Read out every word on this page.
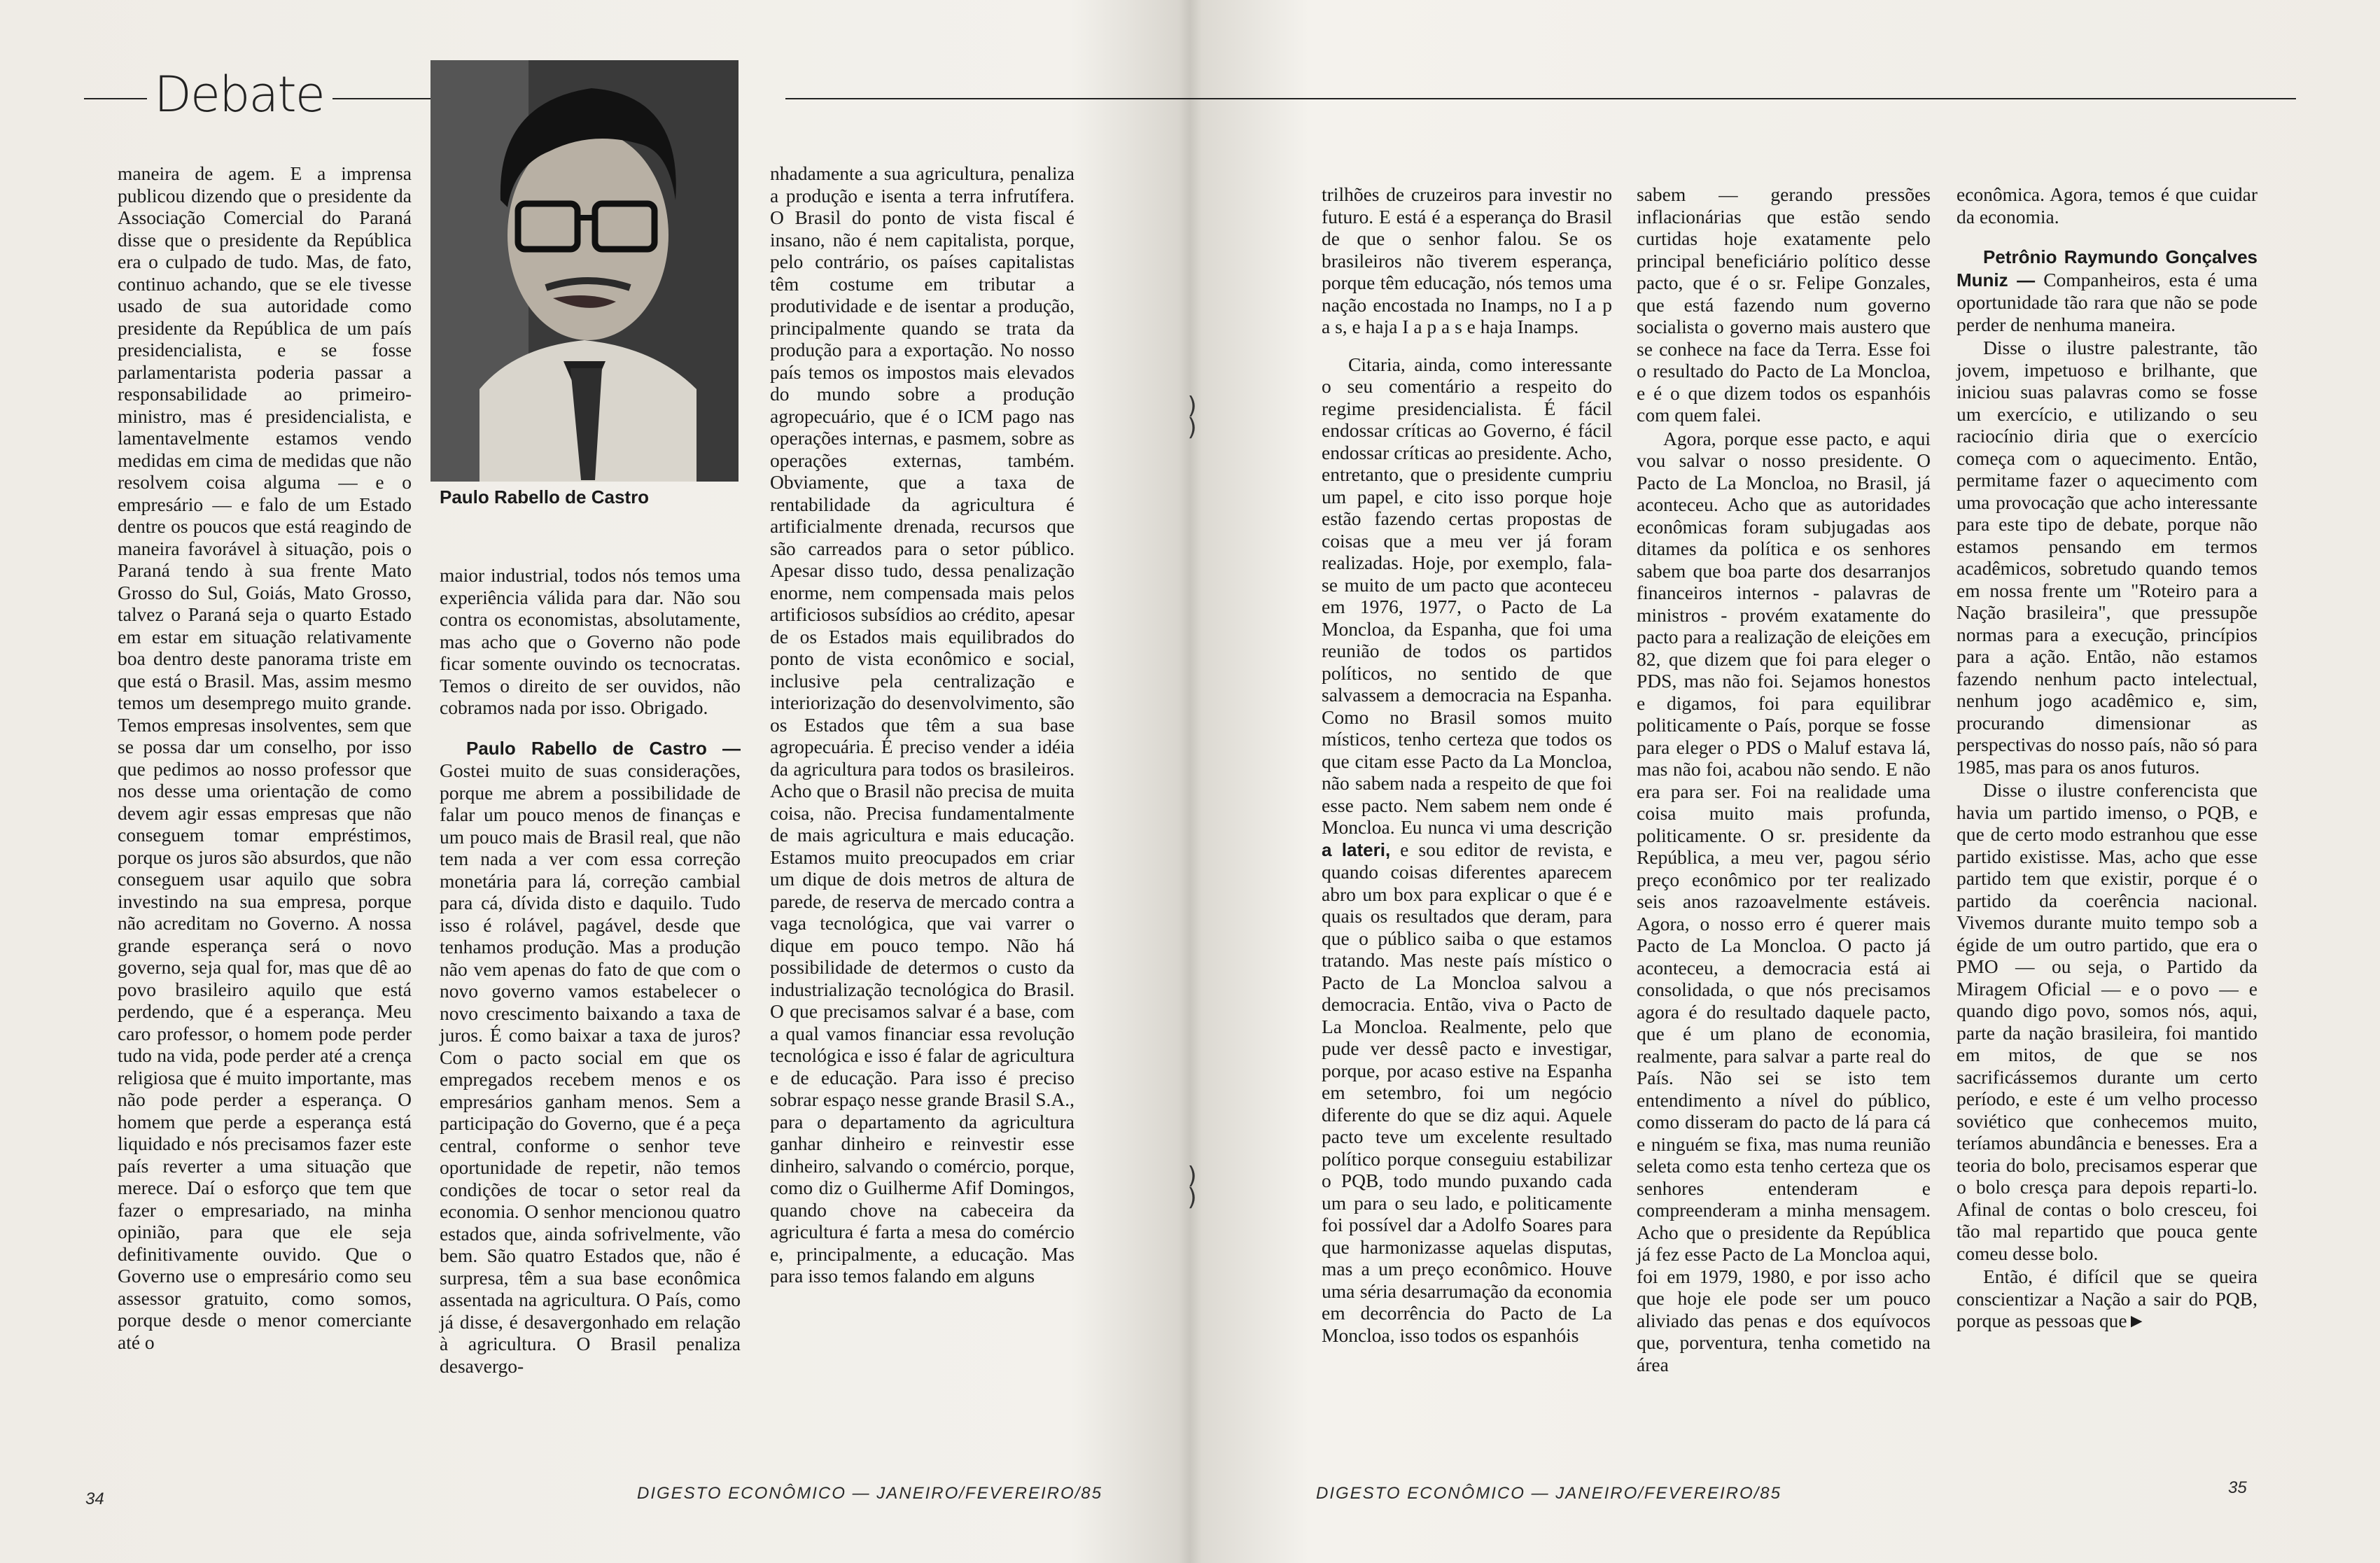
Debate
Paulo Rabello de Castro

maneira de agem. E a imprensa publicou dizendo que o presidente da Associação Comercial do Paraná disse que o presidente da República era o culpado de tudo. Mas, de fato, continuo achando, que se ele tivesse usado de sua autoridade como presidente da República de um país presidencialista, e se fosse parlamentarista poderia passar a responsabilidade ao primeiro-ministro, mas é presidencialista, e lamentavelmente estamos vendo medidas em cima de medidas que não resolvem coisa alguma — e o empresário — e falo de um Estado dentre os poucos que está reagindo de maneira favorável à situação, pois o Paraná tendo à sua frente Mato Grosso do Sul, Goiás, Mato Grosso, talvez o Paraná seja o quarto Estado em estar em situação relativamente boa dentro deste panorama triste em que está o Brasil. Mas, assim mesmo temos um desemprego muito grande. Temos empresas insolventes, sem que se possa dar um conselho, por isso que pedimos ao nosso professor que nos desse uma orientação de como devem agir essas empresas que não conseguem tomar empréstimos, porque os juros são absurdos, que não conseguem usar aquilo que sobra investindo na sua empresa, porque não acreditam no Governo. A nossa grande esperança será o novo governo, seja qual for, mas que dê ao povo brasileiro aquilo que está perdendo, que é a esperança. Meu caro professor, o homem pode perder tudo na vida, pode perder até a crença religiosa que é muito importante, mas não pode perder a esperança. O homem que perde a esperança está liquidado e nós precisamos fazer este país reverter a uma situação que merece. Daí o esforço que tem que fazer o empresariado, na minha opinião, para que ele seja definitivamente ouvido. Que o Governo use o empresário como seu assessor gratuito, como somos, porque desde o menor comerciante até o

maior industrial, todos nós temos uma experiência válida para dar. Não sou contra os economistas, absolutamente, mas acho que o Governo não pode ficar somente ouvindo os tecnocratas. Temos o direito de ser ouvidos, não cobramos nada por isso. Obrigado.

Paulo Rabello de Castro — Gostei muito de suas considerações, porque me abrem a possibilidade de falar um pouco menos de finanças e um pouco mais de Brasil real, que não tem nada a ver com essa correção monetária para lá, correção cambial para cá, dívida disto e daquilo. Tudo isso é rolável, pagável, desde que tenhamos produção. Mas a produção não vem apenas do fato de que com o novo governo vamos estabelecer o novo crescimento baixando a taxa de juros. É como baixar a taxa de juros? Com o pacto social em que os empregados recebem menos e os empresários ganham menos. Sem a participação do Governo, que é a peça central, conforme o senhor teve oportunidade de repetir, não temos condições de tocar o setor real da economia. O senhor mencionou quatro estados que, ainda sofrivelmente, vão bem. São quatro Estados que, não é surpresa, têm a sua base econômica assentada na agricultura. O País, como já disse, é desavergonhado em relação à agricultura. O Brasil penaliza desavergo-

nhadamente a sua agricultura, penaliza a produção e isenta a terra infrutífera. O Brasil do ponto de vista fiscal é insano, não é nem capitalista, porque, pelo contrário, os países capitalistas têm costume em tributar a produtividade e de isentar a produção, principalmente quando se trata da produção para a exportação. No nosso país temos os impostos mais elevados do mundo sobre a produção agropecuário, que é o ICM pago nas operações internas, e pasmem, sobre as operações externas, também. Obviamente, que a taxa de rentabilidade da agricultura é artificialmente drenada, recursos que são carreados para o setor público. Apesar disso tudo, dessa penalização enorme, nem compensada mais pelos artificiosos subsídios ao crédito, apesar de os Estados mais equilibrados do ponto de vista econômico e social, inclusive pela centralização e interiorização do desenvolvimento, são os Estados que têm a sua base agropecuária. É preciso vender a idéia da agricultura para todos os brasileiros. Acho que o Brasil não precisa de muita coisa, não. Precisa fundamentalmente de mais agricultura e mais educação. Estamos muito preocupados em criar um dique de dois metros de altura de parede, de reserva de mercado contra a vaga tecnológica, que vai varrer o dique em pouco tempo. Não há possibilidade de determos o custo da industrialização tecnológica do Brasil. O que precisamos salvar é a base, com a qual vamos financiar essa revolução tecnológica e isso é falar de agricultura e de educação. Para isso é preciso sobrar espaço nesse grande Brasil S.A., para o departamento da agricultura ganhar dinheiro e reinvestir esse dinheiro, salvando o comércio, porque, como diz o Guilherme Afif Domingos, quando chove na cabeceira da agricultura é farta a mesa do comércio e, principalmente, a educação. Mas para isso temos falando em alguns

)
)
)
)

trilhões de cruzeiros para investir no futuro. E está é a esperança do Brasil de que o senhor falou. Se os brasileiros não tiverem esperança, porque têm educação, nós temos uma nação encostada no Inamps, no I a p a s, e haja I a p a s e haja Inamps.

Citaria, ainda, como interessante o seu comentário a respeito do regime presidencialista. É fácil endossar críticas ao Governo, é fácil endossar críticas ao presidente. Acho, entretanto, que o presidente cumpriu um papel, e cito isso porque hoje estão fazendo certas propostas de coisas que a meu ver já foram realizadas. Hoje, por exemplo, fala-se muito de um pacto que aconteceu em 1976, 1977, o Pacto de La Moncloa, da Espanha, que foi uma reunião de todos os partidos políticos, no sentido de que salvassem a democracia na Espanha. Como no Brasil somos muito místicos, tenho certeza que todos os que citam esse Pacto da La Moncloa, não sabem nada a respeito de que foi esse pacto. Nem sabem nem onde é Moncloa. Eu nunca vi uma descrição a lateri, e sou editor de revista, e quando coisas diferentes aparecem abro um box para explicar o que é e quais os resultados que deram, para que o público saiba o que estamos tratando. Mas neste país místico o Pacto de La Moncloa salvou a democracia. Então, viva o Pacto de La Moncloa. Realmente, pelo que pude ver dessê pacto e investigar, porque, por acaso estive na Espanha em setembro, foi um negócio diferente do que se diz aqui. Aquele pacto teve um excelente resultado político porque conseguiu estabilizar o PQB, todo mundo puxando cada um para o seu lado, e politicamente foi possível dar a Adolfo Soares para que harmonizasse aquelas disputas, mas a um preço econômico. Houve uma séria desarrumação da economia em decorrência do Pacto de La Moncloa, isso todos os espanhóis

sabem — gerando pressões inflacionárias que estão sendo curtidas hoje exatamente pelo principal beneficiário político desse pacto, que é o sr. Felipe Gonzales, que está fazendo num governo socialista o governo mais austero que se conhece na face da Terra. Esse foi o resultado do Pacto de La Moncloa, e é o que dizem todos os espanhóis com quem falei.

Agora, porque esse pacto, e aqui vou salvar o nosso presidente. O Pacto de La Moncloa, no Brasil, já aconteceu. Acho que as autoridades econômicas foram subjugadas aos ditames da política e os senhores sabem que boa parte dos desarranjos financeiros internos - palavras de ministros - provém exatamente do pacto para a realização de eleições em 82, que dizem que foi para eleger o PDS, mas não foi. Sejamos honestos e digamos, foi para equilibrar politicamente o País, porque se fosse para eleger o PDS o Maluf estava lá, mas não foi, acabou não sendo. E não era para ser. Foi na realidade uma coisa muito mais profunda, politicamente. O sr. presidente da República, a meu ver, pagou sério preço econômico por ter realizado seis anos razoavelmente estáveis. Agora, o nosso erro é querer mais Pacto de La Moncloa. O pacto já aconteceu, a democracia está ai consolidada, o que nós precisamos agora é do resultado daquele pacto, que é um plano de economia, realmente, para salvar a parte real do País. Não sei se isto tem entendimento a nível do público, como disseram do pacto de lá para cá e ninguém se fixa, mas numa reunião seleta como esta tenho certeza que os senhores entenderam e compreenderam a minha mensagem. Acho que o presidente da República já fez esse Pacto de La Moncloa aqui, foi em 1979, 1980, e por isso acho que hoje ele pode ser um pouco aliviado das penas e dos equívocos que, porventura, tenha cometido na área

econômica. Agora, temos é que cuidar da economia.

Petrônio Raymundo Gonçalves Muniz — Companheiros, esta é uma oportunidade tão rara que não se pode perder de nenhuma maneira.

Disse o ilustre palestrante, tão jovem, impetuoso e brilhante, que iniciou suas palavras como se fosse um exercício, e utilizando o seu raciocínio diria que o exercício começa com o aquecimento. Então, permitame fazer o aquecimento com uma provocação que acho interessante para este tipo de debate, porque não estamos pensando em termos acadêmicos, sobretudo quando temos em nossa frente um "Roteiro para a Nação brasileira", que pressupõe normas para a execução, princípios para a ação. Então, não estamos fazendo nenhum pacto intelectual, nenhum jogo acadêmico e, sim, procurando dimensionar as perspectivas do nosso país, não só para 1985, mas para os anos futuros.

Disse o ilustre conferencista que havia um partido imenso, o PQB, e que de certo modo estranhou que esse partido existisse. Mas, acho que esse partido tem que existir, porque é o partido da coerência nacional. Vivemos durante muito tempo sob a égide de um outro partido, que era o PMO — ou seja, o Partido da Miragem Oficial — e o povo — e quando digo povo, somos nós, aqui, parte da nação brasileira, foi mantido em mitos, de que se nos sacrificássemos durante um certo período, e este é um velho processo soviético que conhecemos muito, teríamos abundância e benesses. Era a teoria do bolo, precisamos esperar que o bolo cresça para depois reparti-lo. Afinal de contas o bolo cresceu, foi tão mal repartido que pouca gente comeu desse bolo.

Então, é difícil que se queira conscientizar a Nação a sair do PQB, porque as pessoas que►

34	DIGESTO ECONÔMICO — JANEIRO/FEVEREIRO/85	DIGESTO ECONÔMICO — JANEIRO/FEVEREIRO/85	35
